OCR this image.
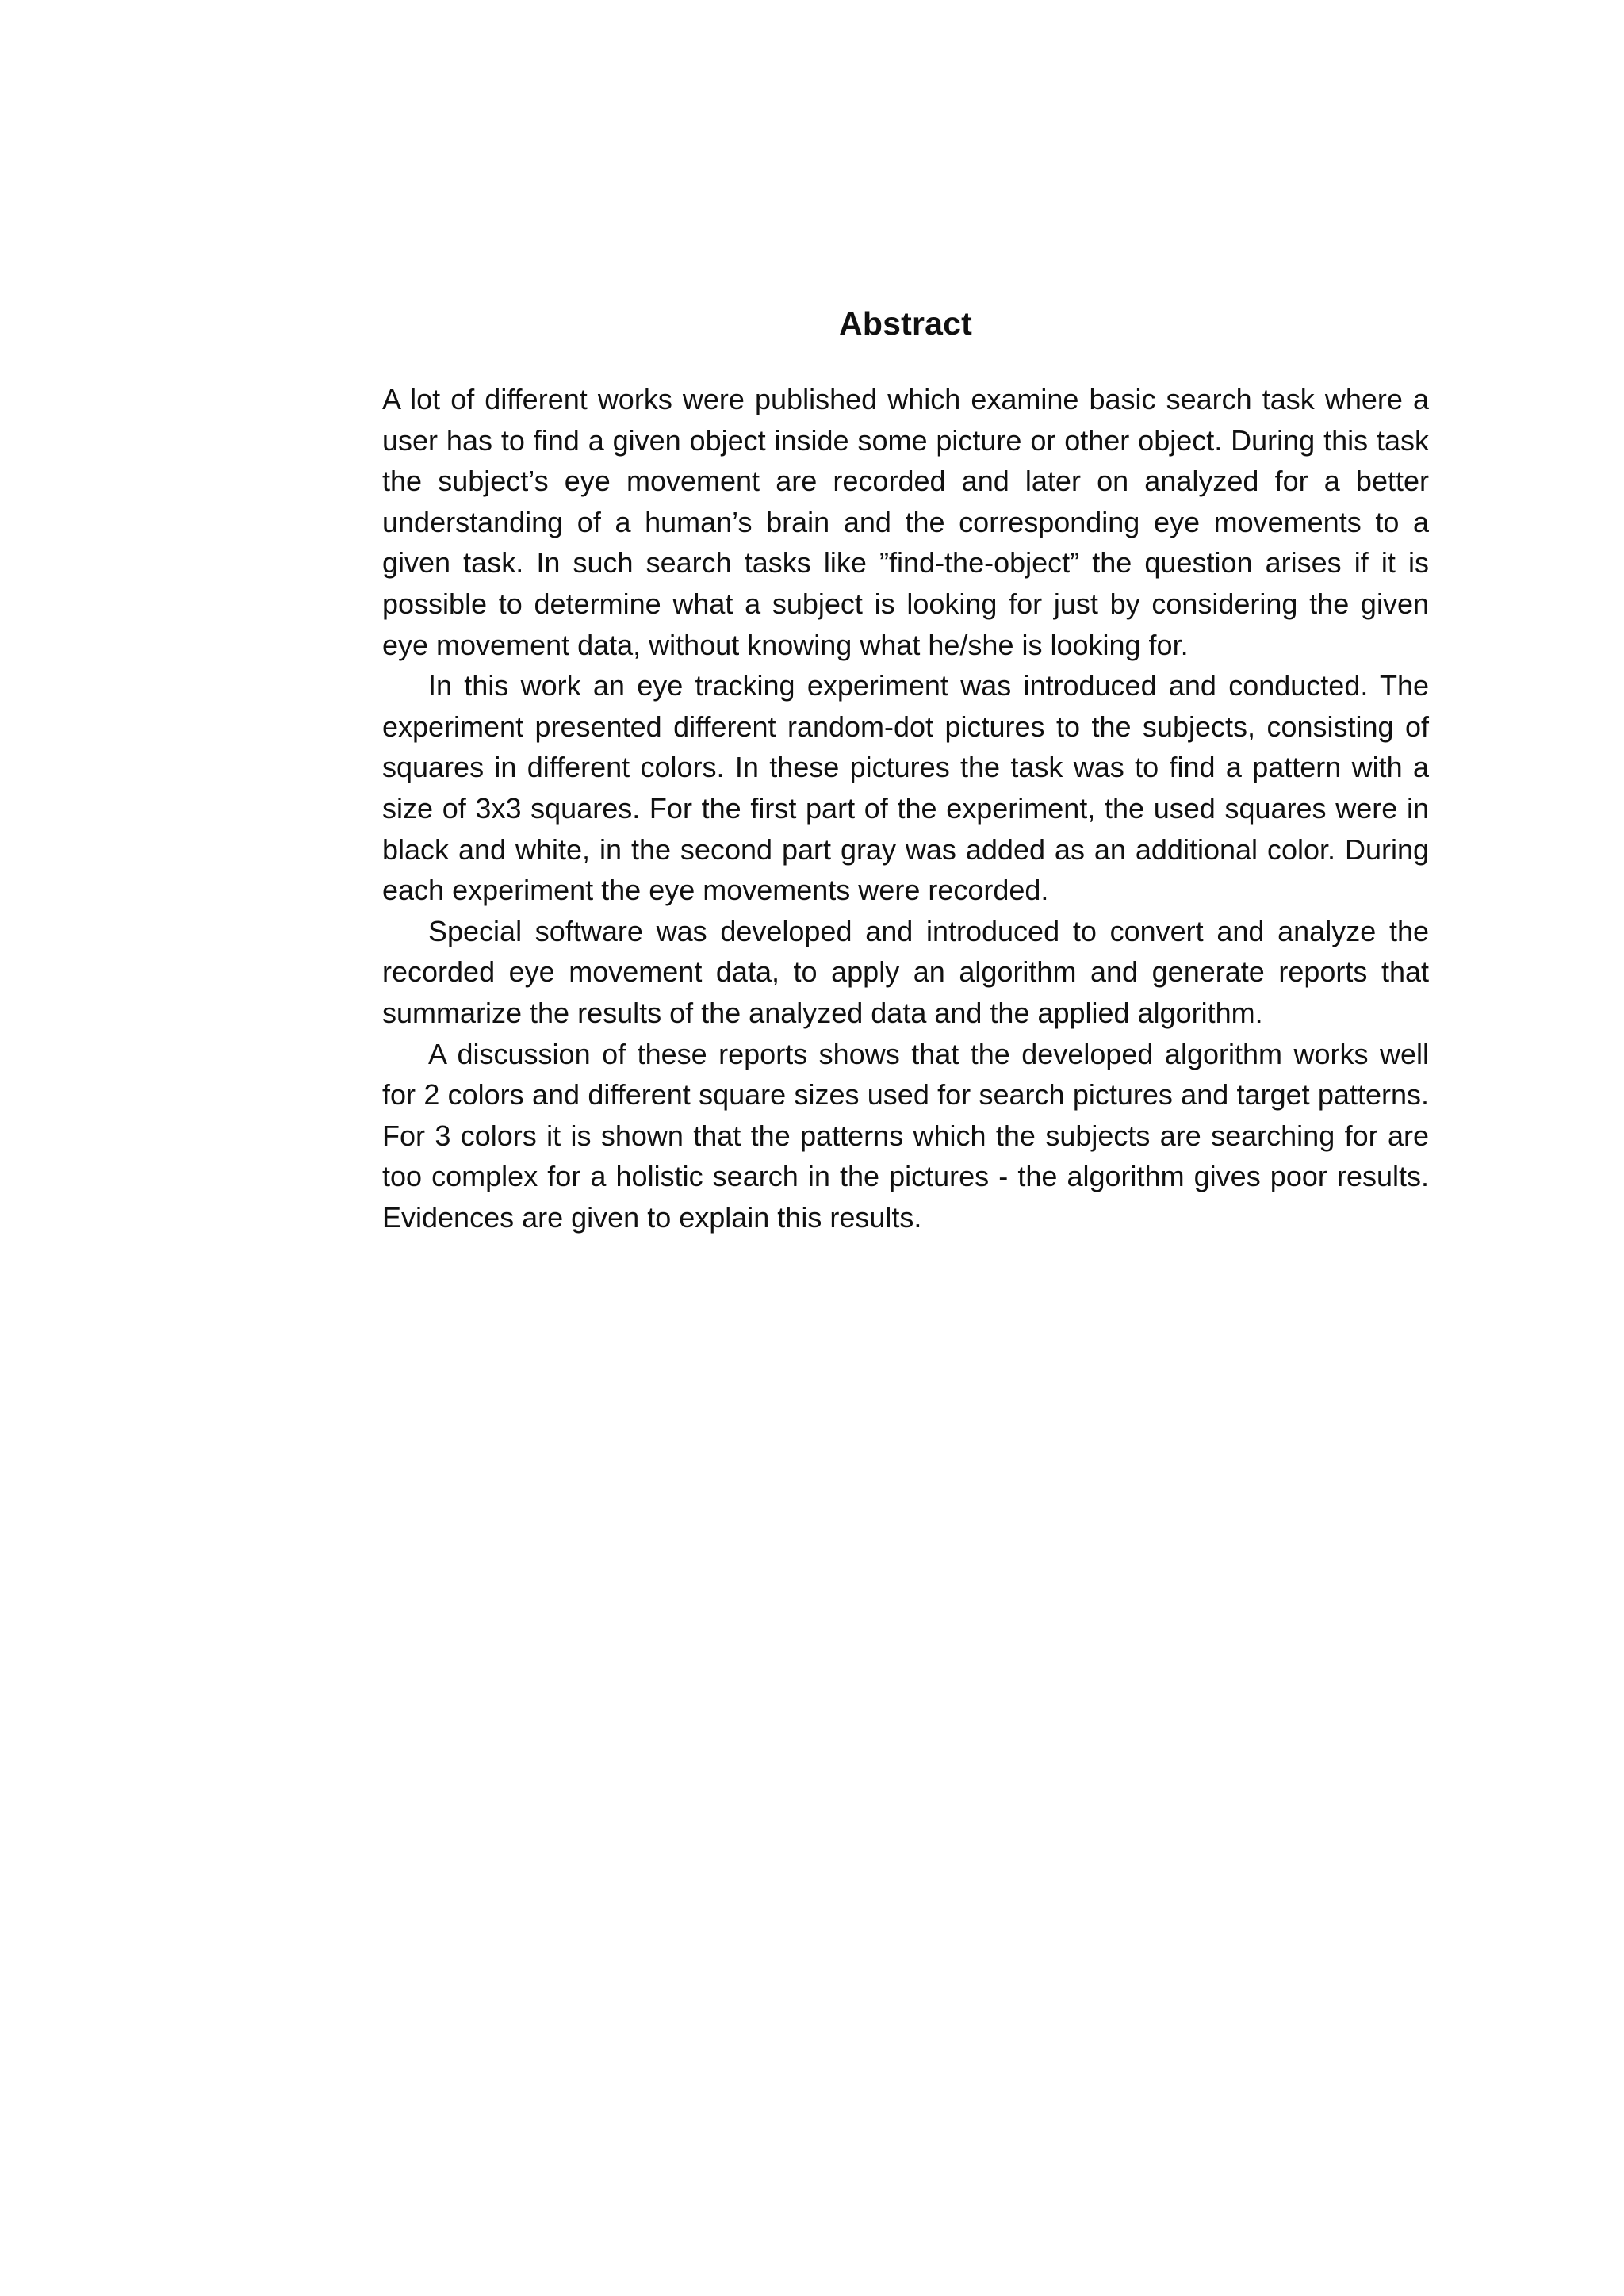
Abstract

A lot of different works were published which examine basic search task where a user has to find a given object inside some picture or other object. During this task the subject’s eye movement are recorded and later on analyzed for a better understanding of a human’s brain and the corresponding eye movements to a given task. In such search tasks like ”find-the-object” the question arises if it is possible to determine what a subject is looking for just by considering the given eye movement data, without knowing what he/she is looking for.

In this work an eye tracking experiment was introduced and conducted. The experiment presented different random-dot pictures to the subjects, consisting of squares in different colors. In these pictures the task was to find a pattern with a size of 3x3 squares. For the first part of the experiment, the used squares were in black and white, in the second part gray was added as an additional color. During each experiment the eye movements were recorded.

Special software was developed and introduced to convert and analyze the recorded eye movement data, to apply an algorithm and generate reports that summarize the results of the analyzed data and the applied algorithm.

A discussion of these reports shows that the developed algorithm works well for 2 colors and different square sizes used for search pictures and target patterns. For 3 colors it is shown that the patterns which the subjects are searching for are too complex for a holistic search in the pictures - the algorithm gives poor results. Evidences are given to explain this results.
